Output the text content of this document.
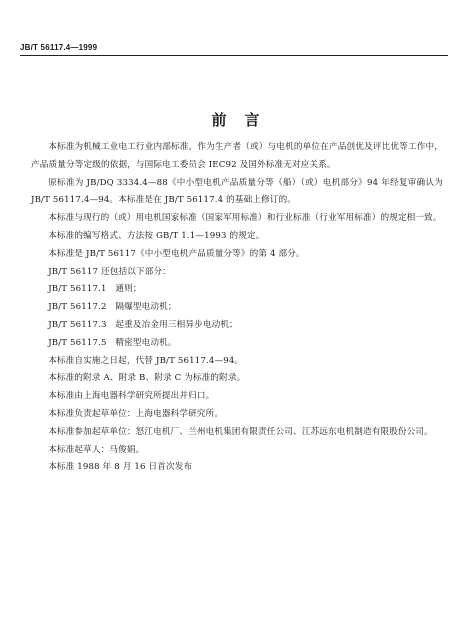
JB/T 56117.4—1999
前言

本标准为机械工业电工行业内部标准，作为生产者（或）与电机的单位在产品创优及评比优等工作中，产品质量分等定级的依据，与国际电工委员会 IEC92 及国外标准无对应关系。

原标准为 JB/DQ 3334.4—88《中小型电机产品质量分等（船）（或）电机部分》94 年经复审确认为 JB/T 56117.4—94。本标准是在 JB/T 56117.4 的基础上修订的。

本标准与现行的（或）用电机国家标准（国家军用标准）和行业标准（行业军用标准）的规定相一致。

本标准的编写格式、方法按 GB/T 1.1—1993 的规定。

本标准是 JB/T 56117《中小型电机产品质量分等》的第 4 部分。

JB/T 56117 还包括以下部分：

JB/T 56117.1　通则；

JB/T 56117.2　隔爆型电动机；

JB/T 56117.3　起重及冶金用三相异步电动机；

JB/T 56117.5　精密型电动机。

本标准自实施之日起，代替 JB/T 56117.4—94。

本标准的附录 A、附录 B、附录 C 为标准的附录。

本标准由上海电器科学研究所提出并归口。

本标准负责起草单位：上海电器科学研究所。

本标准参加起草单位：怒江电机厂、兰州电机集团有限责任公司、江苏远东电机制造有限股份公司。

本标准起草人：马俊娟。

本标准 1988 年 8 月 16 日首次发布
